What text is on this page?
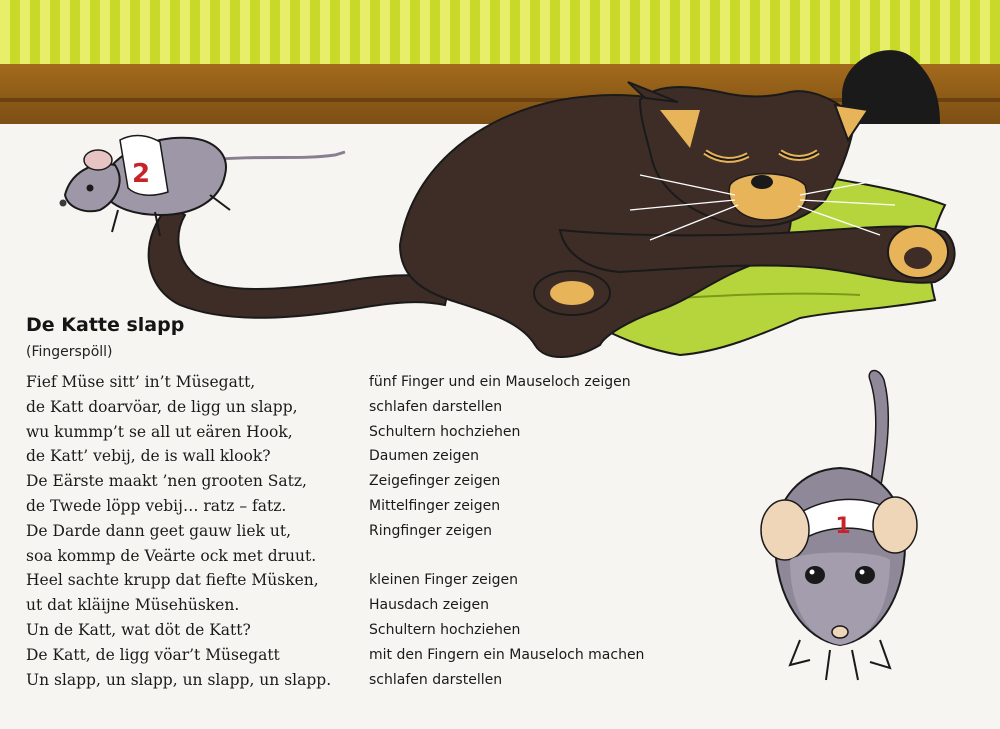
2
1
De Katte slapp
(Fingerspöll)
Fief Müse sitt’ in’t Müsegatt,
de Katt doarvöar, de ligg un slapp,
wu kummp’t se all ut eären Hook,
de Katt’ vebij, de is wall klook?
De Eärste maakt ’nen grooten Satz,
de Twede löpp vebij… ratz – fatz.
De Darde dann geet gauw liek ut,
soa kommp de Veärte ock met druut.
Heel sachte krupp dat fiefte Müsken,
ut dat kläijne Müsehüsken.
Un de Katt, wat döt de Katt?
De Katt, de ligg vöar’t Müsegatt
Un slapp, un slapp, un slapp, un slapp.
fünf Finger und ein Mauseloch zeigen
schlafen darstellen
Schultern hochziehen
Daumen zeigen
Zeigefinger zeigen
Mittelfinger zeigen
Ringfinger zeigen
kleinen Finger zeigen
Hausdach zeigen
Schultern hochziehen
mit den Fingern ein Mauseloch machen
schlafen darstellen
